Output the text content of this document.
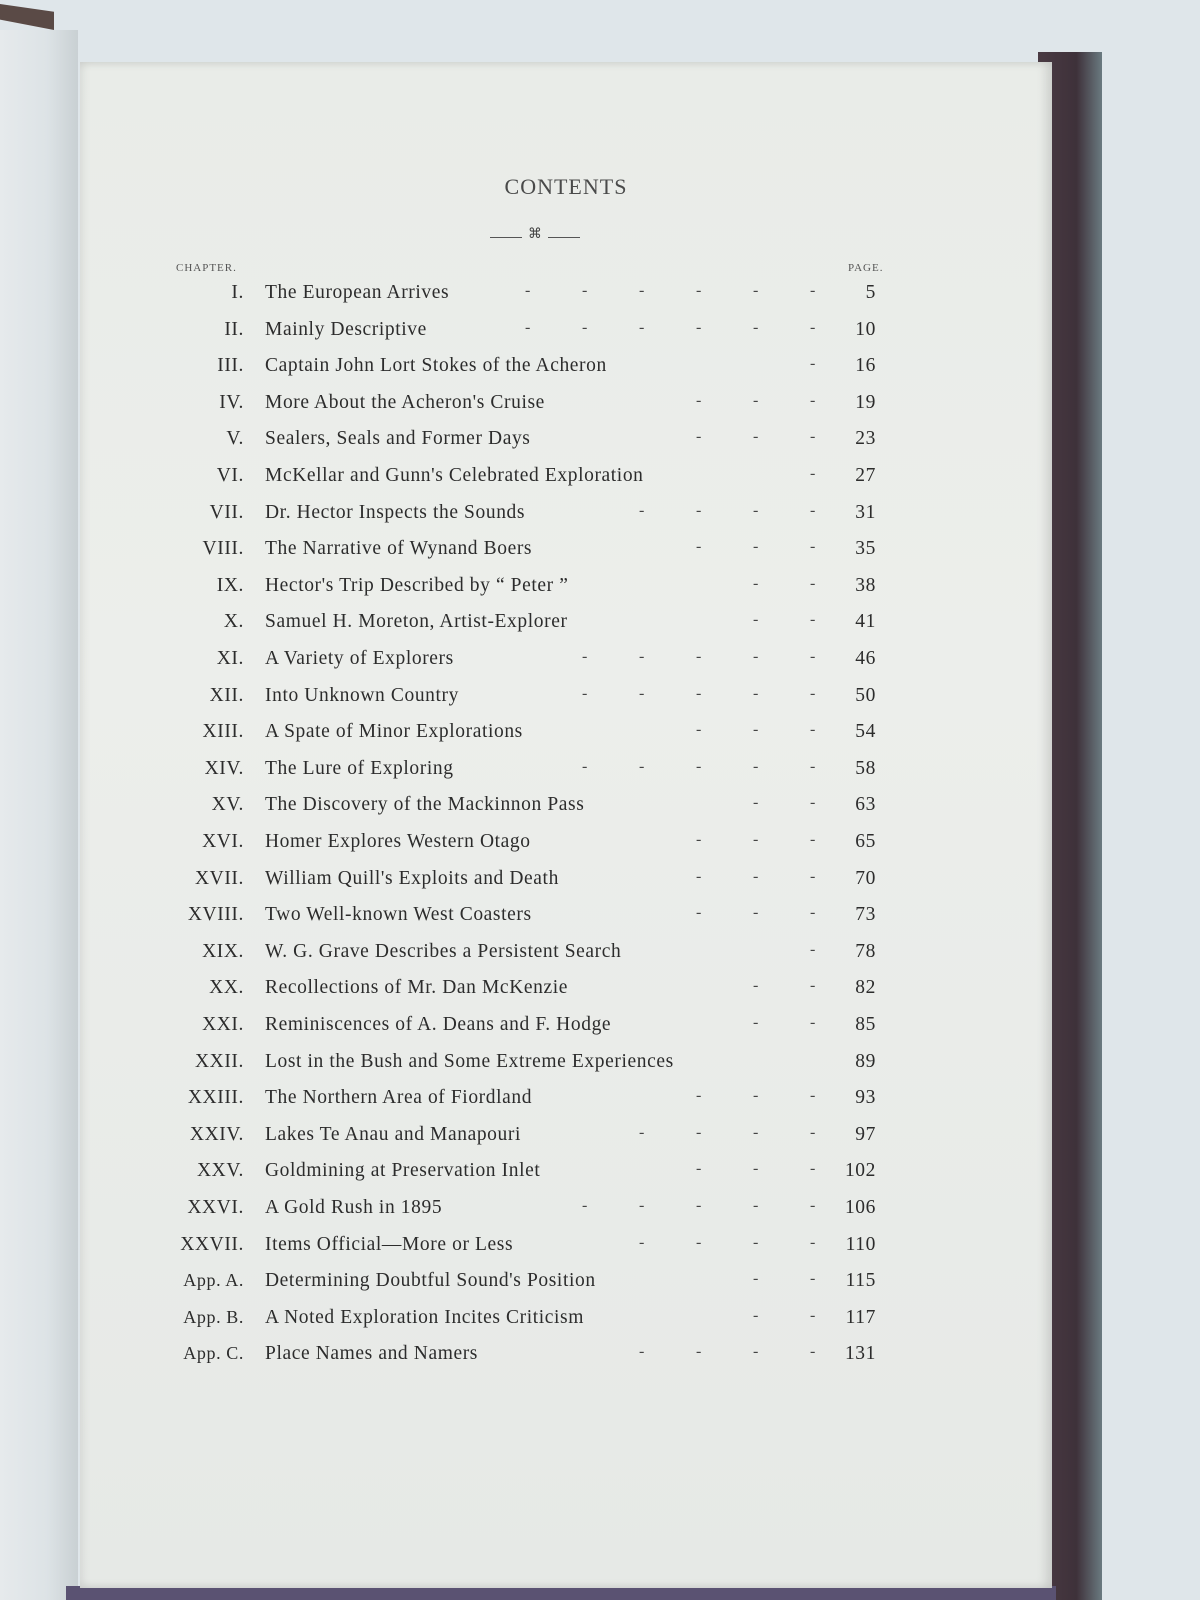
CONTENTS
⌘
CHAPTER.	PAGE.
I. The European Arrives	-	-	-	-	-	-	5
II. Mainly Descriptive	-	-	-	-	-	- 10
III. Captain John Lort Stokes of the Acheron	- 16
IV. More About the Acheron's Cruise	-	-	- 19
V. Sealers, Seals and Former Days	-	-	- 23
VI. McKellar and Gunn's Celebrated Exploration	- 27
VII. Dr. Hector Inspects the Sounds	-	-	-	- 31
VIII. The Narrative of Wynand Boers	-	-	- 35
IX. Hector's Trip Described by “ Peter ”	-	- 38
X. Samuel H. Moreton, Artist-Explorer	-	- 41
XI. A Variety of Explorers	-	-	-	-	- 46
XII. Into Unknown Country	-	-	-	-	- 50
XIII. A Spate of Minor Explorations	-	-	- 54
XIV. The Lure of Exploring	-	-	-	-	- 58
XV. The Discovery of the Mackinnon Pass	-	- 63
XVI. Homer Explores Western Otago	-	-	- 65
XVII. William Quill's Exploits and Death	-	-	- 70
XVIII. Two Well-known West Coasters	-	-	- 73
XIX. W. G. Grave Describes a Persistent Search	- 78
XX. Recollections of Mr. Dan McKenzie	-	- 82
XXI. Reminiscences of A. Deans and F. Hodge	-	- 85
XXII. Lost in the Bush and Some Extreme Experiences	89
XXIII. The Northern Area of Fiordland	-	-	- 93
XXIV. Lakes Te Anau and Manapouri	-	-	-	- 97
XXV. Goldmining at Preservation Inlet	-	-	- 102
XXVI. A Gold Rush in 1895	-	-	-	-	- 106
XXVII. Items Official—More or Less	-	-	-	- 110
App. A. Determining Doubtful Sound's Position	-	- 115
App. B. A Noted Exploration Incites Criticism	-	- 117
App. C. Place Names and Namers	-	-	-	- 131
